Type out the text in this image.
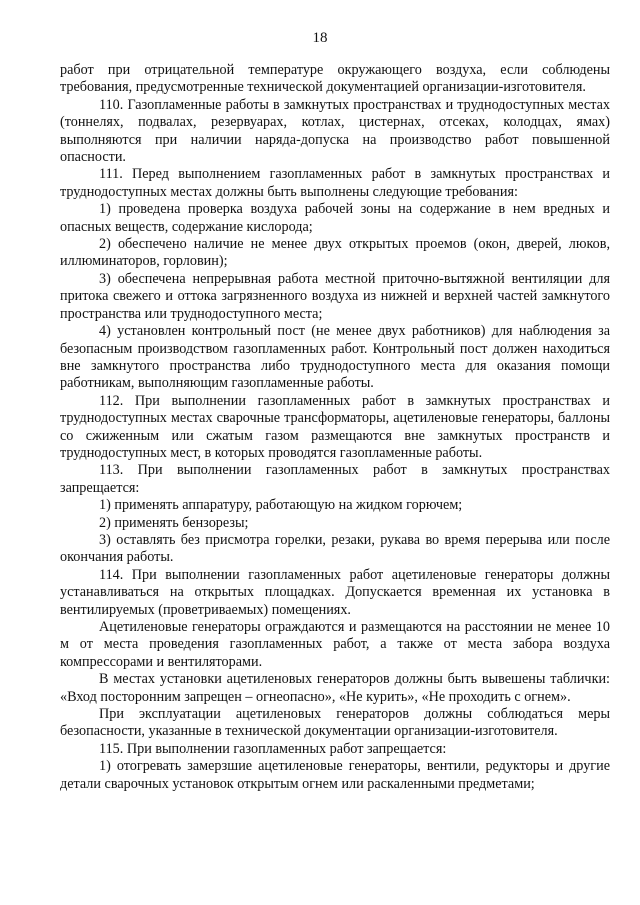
18

работ при отрицательной температуре окружающего воздуха, если соблюдены требования, предусмотренные технической документацией организации-изготовителя.

110. Газопламенные работы в замкнутых пространствах и труднодоступных местах (тоннелях, подвалах, резервуарах, котлах, цистернах, отсеках, колодцах, ямах) выполняются при наличии наряда-допуска на производство работ повышенной опасности.

111. Перед выполнением газопламенных работ в замкнутых пространствах и труднодоступных местах должны быть выполнены следующие требования:

1) проведена проверка воздуха рабочей зоны на содержание в нем вредных и опасных веществ, содержание кислорода;

2) обеспечено наличие не менее двух открытых проемов (окон, дверей, люков, иллюминаторов, горловин);

3) обеспечена непрерывная работа местной приточно-вытяжной вентиляции для притока свежего и оттока загрязненного воздуха из нижней и верхней частей замкнутого пространства или труднодоступного места;

4) установлен контрольный пост (не менее двух работников) для наблюдения за безопасным производством газопламенных работ. Контрольный пост должен находиться вне замкнутого пространства либо труднодоступного места для оказания помощи работникам, выполняющим газопламенные работы.

112. При выполнении газопламенных работ в замкнутых пространствах и труднодоступных местах сварочные трансформаторы, ацетиленовые генераторы, баллоны со сжиженным или сжатым газом размещаются вне замкнутых пространств и труднодоступных мест, в которых проводятся газопламенные работы.

113. При выполнении газопламенных работ в замкнутых пространствах запрещается:

1) применять аппаратуру, работающую на жидком горючем;

2) применять бензорезы;

3) оставлять без присмотра горелки, резаки, рукава во время перерыва или после окончания работы.

114. При выполнении газопламенных работ ацетиленовые генераторы должны устанавливаться на открытых площадках. Допускается временная их установка в вентилируемых (проветриваемых) помещениях.

Ацетиленовые генераторы ограждаются и размещаются на расстоянии не менее 10 м от места проведения газопламенных работ, а также от места забора воздуха компрессорами и вентиляторами.

В местах установки ацетиленовых генераторов должны быть вывешены таблички: «Вход посторонним запрещен – огнеопасно», «Не курить», «Не проходить с огнем».

При эксплуатации ацетиленовых генераторов должны соблюдаться меры безопасности, указанные в технической документации организации-изготовителя.

115. При выполнении газопламенных работ запрещается:

1) отогревать замерзшие ацетиленовые генераторы, вентили, редукторы и другие детали сварочных установок открытым огнем или раскаленными предметами;
